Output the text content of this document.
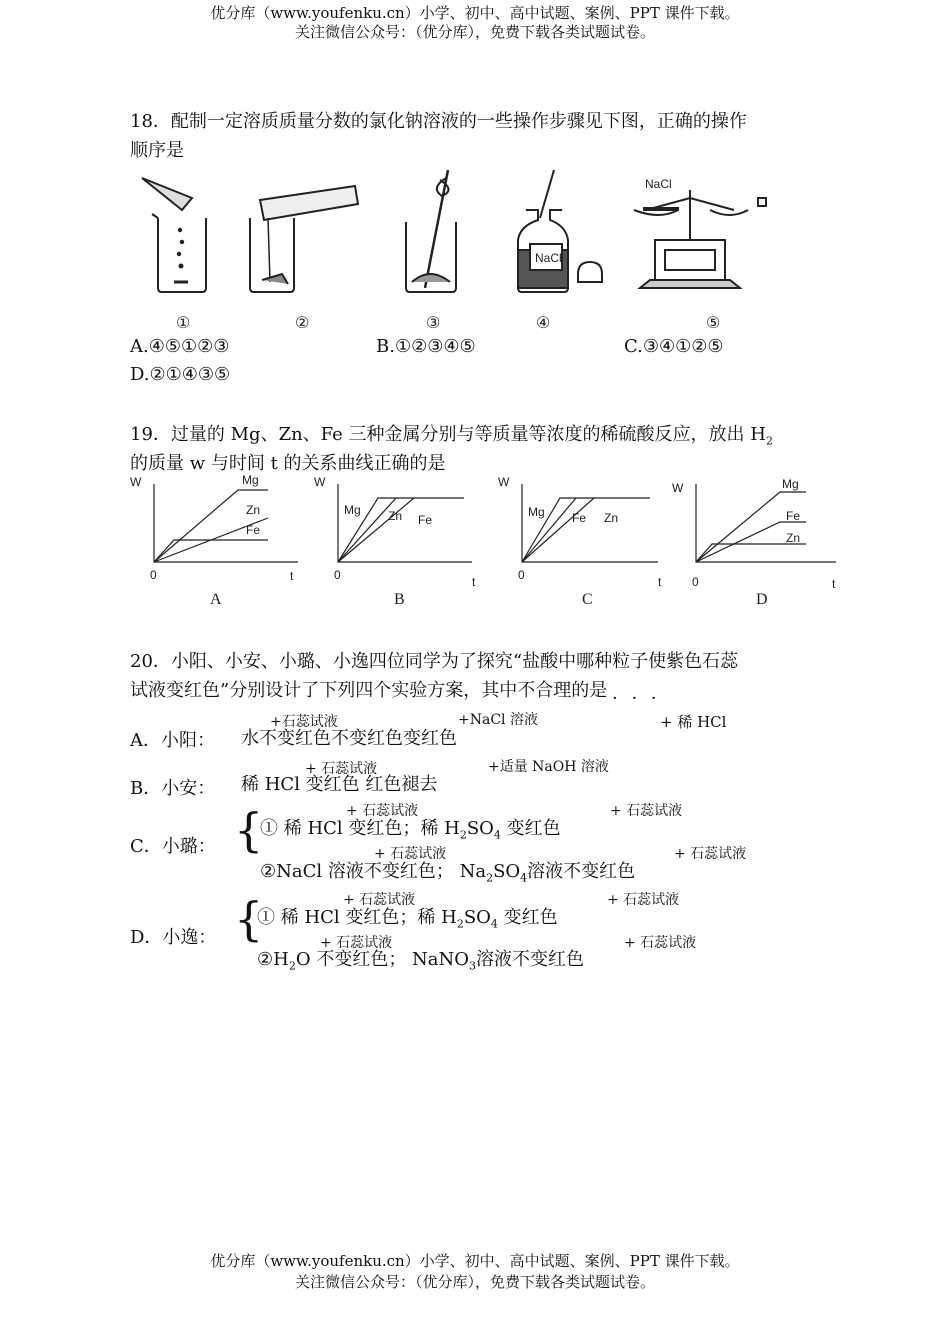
优分库（www.youfenku.cn）小学、初中、高中试题、案例、PPT 课件下载。
关注微信公众号：（优分库），免费下载各类试题试卷。
18．配制一定溶质质量分数的氯化钠溶液的一些操作步骤见下图，正确的操作
顺序是
NaCl
NaCl
①	②	③	④	⑤
A.④⑤①②③	B.①②③④⑤	C.③④①②⑤
D.②①④③⑤
19．过量的 Mg、Zn、Fe 三种金属分别与等质量等浓度的稀硫酸反应，放出 $H_2$
的质量 w 与时间 t 的关系曲线正确的是
W
0	t
Mg
Zn
Fe
A
W
0	t
Mg Zn Fe
B
W
0	t
Mg Fe Zn
C
W
0	t
Mg
Fe
Zn
D
20．小阳、小安、小璐、小逸四位同学为了探究“盐酸中哪种粒子使紫色石蕊
试液变红色”分别设计了下列四个实验方案，其中不合理的是 · · ·
+石蕊试液	+NaCl 溶液	+ 稀 HCl
A．小阳： 水不变红色不变红色变红色
+ 石蕊试液	+适量 NaOH 溶液
B．小安： 稀 HCl 变红色 红色褪去
+ 石蕊试液	+ 石蕊试液
C．小璐： {
① 稀 HCl 变红色；稀 $H_2SO_4$ 变红色
+ 石蕊试液	+ 石蕊试液
②NaCl 溶液不变红色； $Na_2SO_4$溶液不变红色
+ 石蕊试液	+ 石蕊试液
D．小逸： {
① 稀 HCl 变红色；稀 $H_2SO_4$ 变红色
+ 石蕊试液	+ 石蕊试液
$②H_2O$ 不变红色； NaNO$_3$溶液不变红色
优分库（www.youfenku.cn）小学、初中、高中试题、案例、PPT 课件下载。
关注微信公众号：（优分库），免费下载各类试题试卷。
